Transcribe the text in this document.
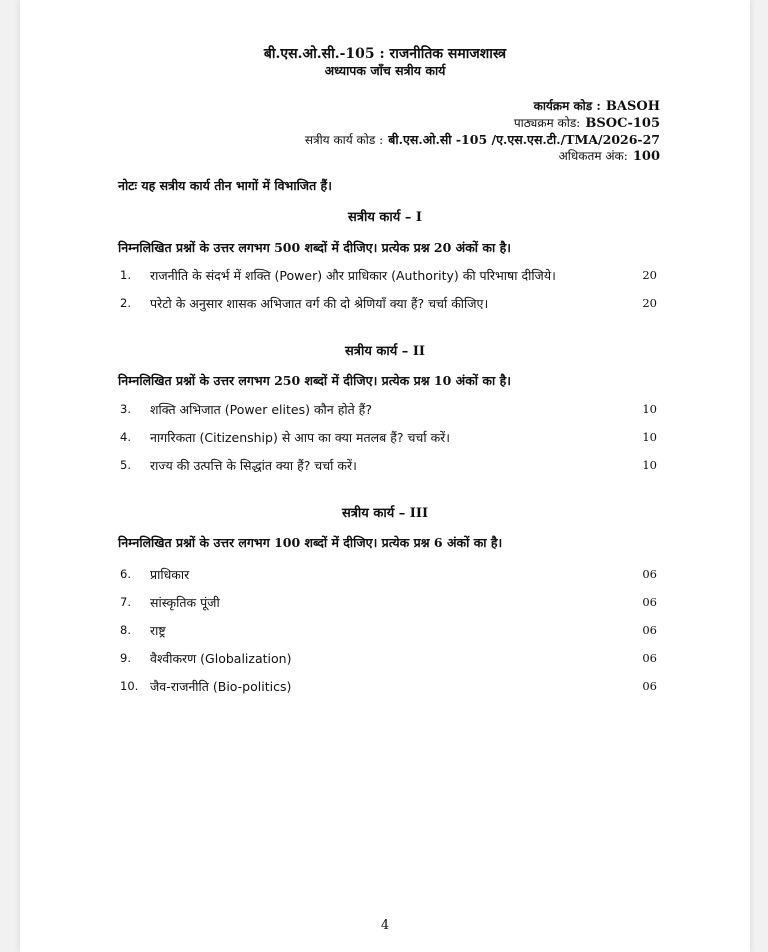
बी.एस.ओ.सी.-105 : राजनीतिक समाजशास्त्र
अध्यापक जाँच सत्रीय कार्य
कार्यक्रम कोड : BASOH
पाठ्यक्रम कोड: BSOC-105
सत्रीय कार्य कोड : बी.एस.ओ.सी -105 /ए.एस.एस.टी./TMA/2026-27
अधिकतम अंक: 100
नोटः यह सत्रीय कार्य तीन भागों में विभाजित हैं।
सत्रीय कार्य – I
निम्नलिखित प्रश्नों के उत्तर लगभग 500 शब्दों में दीजिए। प्रत्येक प्रश्न 20 अंकों का है।
1. राजनीति के संदर्भ में शक्ति (Power) और प्राधिकार (Authority) की परिभाषा दीजिये।	20
2. परेटो के अनुसार शासक अभिजात वर्ग की दो श्रेणियाँ क्या हैं? चर्चा कीजिए।	20
सत्रीय कार्य – II
निम्नलिखित प्रश्नों के उत्तर लगभग 250 शब्दों में दीजिए। प्रत्येक प्रश्न 10 अंकों का है।
3. शक्ति अभिजात (Power elites) कौन होते हैं?	10
4. नागरिकता (Citizenship) से आप का क्या मतलब हैं? चर्चा करें।	10
5. राज्य की उत्पत्ति के सिद्धांत क्या हैं? चर्चा करें।	10
सत्रीय कार्य – III
निम्नलिखित प्रश्नों के उत्तर लगभग 100 शब्दों में दीजिए। प्रत्येक प्रश्न 6 अंकों का है।
6. प्राधिकार	06
7. सांस्कृतिक पूंजी	06
8. राष्ट्र	06
9. वैश्वीकरण (Globalization)	06
10. जैव-राजनीति (Bio-politics)	06
4
